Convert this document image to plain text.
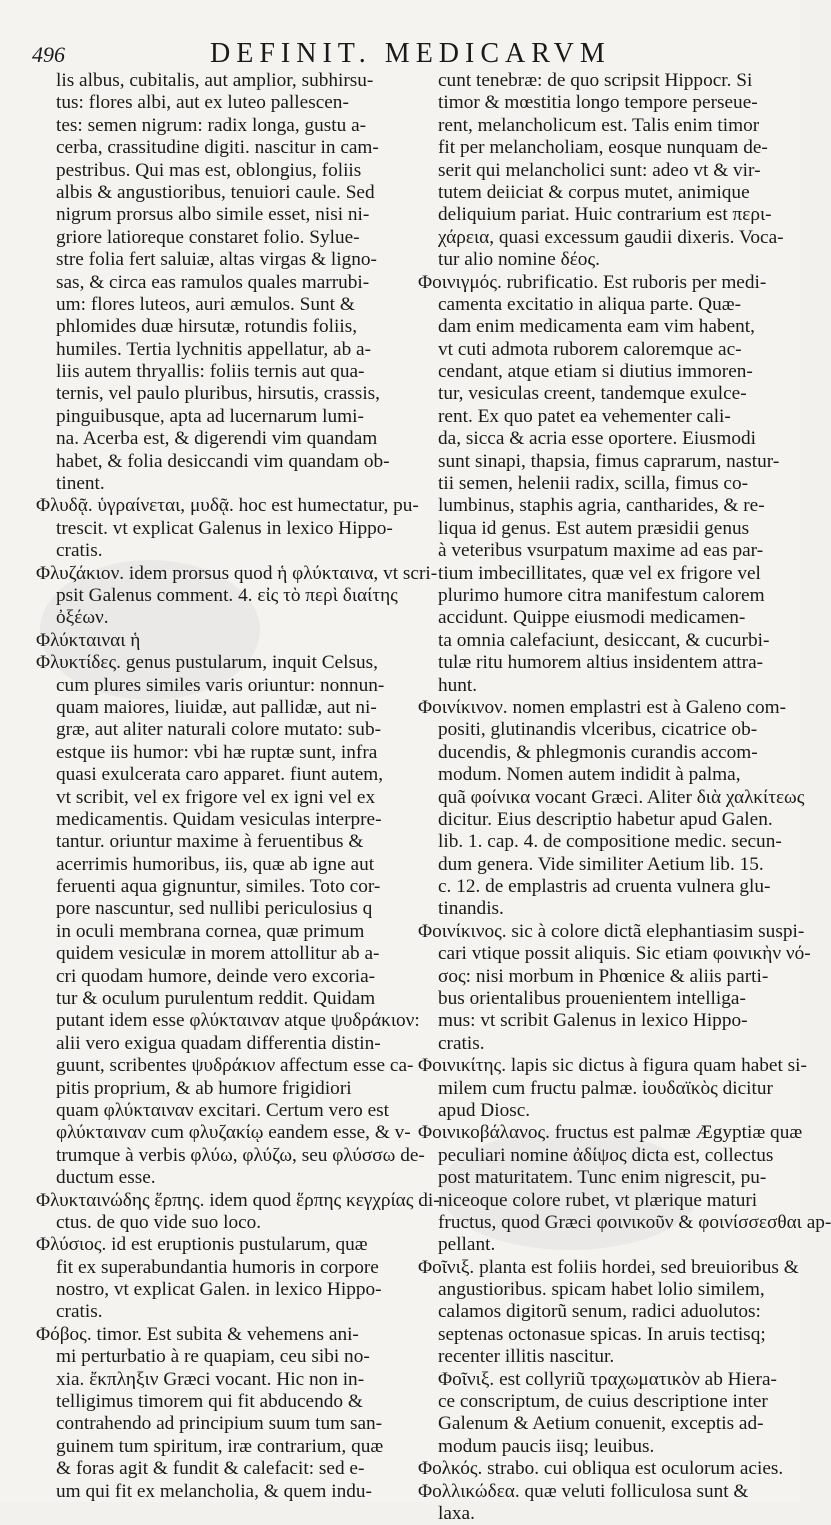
496	DEFINIT. MEDICARVM
lis albus, cubitalis, aut amplior, subhirsu-
tus: flores albi, aut ex luteo pallescen-
tes: semen nigrum: radix longa, gustu a-
cerba, crassitudine digiti. nascitur in cam-
pestribus. Qui mas est, oblongius, foliis
albis & angustioribus, tenuiori caule. Sed
nigrum prorsus albo simile esset, nisi ni-
griore latioreque constaret folio. Syluе-
stre folia fert saluiæ, altas virgas & ligno-
sas, & circa eas ramulos quales marrubi-
um: flores luteos, auri æmulos. Sunt &
phlomides duæ hirsutæ, rotundis foliis,
humiles. Tertia lychnitis appellatur, ab a-
liis autem thryallis: foliis ternis aut qua-
ternis, vel paulo pluribus, hirsutis, crassis,
pinguibusque, apta ad lucernarum lumi-
na. Acerba est, & digerendi vim quandam
habet, & folia desiccandi vim quandam ob-
tinent.
Φλυδᾷ. ὑγραίνεται, μυδᾷ. hoc est humectatur, pu-
trescit. vt explicat Galenus in lexico Hippo-
cratis.
Φλυζάκιον. idem prorsus quod ἡ φλύκταινα, vt scri-
psit Galenus comment. 4. εἰς τὸ περὶ διαίτης
ὀξέων.
Φλύκταιναι ἡ
Φλυκτίδες. genus pustularum, inquit Celsus,
cum plures similes varis oriuntur: nonnun-
quam maiores, liuidæ, aut pallidæ, aut ni-
græ, aut aliter naturali colore mutato: sub-
estque iis humor: vbi hæ ruptæ sunt, infra
quasi exulcerata caro apparet. fiunt autem,
vt scribit, vel ex frigore vel ex igni vel ex
medicamentis. Quidam vesiculas interpre-
tantur. oriuntur maxime à feruentibus &
acerrimis humoribus, iis, quæ ab igne aut
feruenti aqua gignuntur, similes. Toto cor-
pore nascuntur, sed nullibi periculosius q
in oculi membrana cornea, quæ primum
quidem vesiculæ in morem attollitur ab a-
cri quodam humore, deinde vero excoria-
tur & oculum purulentum reddit. Quidam
putant idem esse φλύκταιναν atque ψυδράκιον:
alii vero exigua quadam differentia distin-
guunt, scribentes ψυδράκιον affectum esse ca-
pitis proprium, & ab humore frigidiori
quam φλύκταιναν excitari. Certum vero est
φλύκταιναν cum φλυζακίῳ eandem esse, & v-
trumque à verbis φλύω, φλύζω, seu φλύσσω de-
ductum esse.
Φλυκταινώδης ἕρπης. idem quod ἕρπης κεγχρίας di-
ctus. de quo vide suo loco.
Φλύσιος. id est eruptionis pustularum, quæ
fit ex superabundantia humoris in corpore
nostro, vt explicat Galen. in lexico Hippo-
cratis.
Φόβος. timor. Est subita & vehemens ani-
mi perturbatio à re quapiam, ceu sibi no-
xia. ἔκπληξιν Græci vocant. Hic non in-
telligimus timorem qui fit abducendo &
contrahendo ad principium suum tum san-
guinem tum spiritum, iræ contrarium, quæ
& foras agit & fundit & calefacit: sed e-
um qui fit ex melancholia, & quem indu-
cunt tenebræ: de quo scripsit Hippocr. Si
timor & mœstitia longo tempore perseue-
rent, melancholicum est. Talis enim timor
fit per melancholiam, eosque nunquam de-
serit qui melancholici sunt: adeo vt & vir-
tutem deiiciat & corpus mutet, animique
deliquium pariat. Huic contrarium est περι-
χάρεια, quasi excessum gaudii dixeris. Voca-
tur alio nomine δέος.
Φοινιγμός. rubrificatio. Est ruboris per medi-
camenta excitatio in aliqua parte. Quæ-
dam enim medicamenta eam vim habent,
vt cuti admota ruborem caloremque ac-
cendant, atque etiam si diutius immoren-
tur, vesiculas creent, tandemque exulce-
rent. Ex quo patet ea vehementer cali-
da, sicca & acria esse oportere. Eiusmodi
sunt sinapi, thapsia, fimus caprarum, nastur-
tii semen, helenii radix, scilla, fimus co-
lumbinus, staphis agria, cantharides, & re-
liqua id genus. Est autem præsidii genus
à veteribus vsurpatum maxime ad eas par-
tium imbecillitates, quæ vel ex frigore vel
plurimo humore citra manifestum calorem
accidunt. Quippe eiusmodi medicamen-
ta omnia calefaciunt, desiccant, & cucurbi-
tulæ ritu humorem altius insidentem attra-
hunt.
Φοινίκινον. nomen emplastri est à Galeno com-
positi, glutinandis vlceribus, cicatrice ob-
ducendis, & phlegmonis curandis accom-
modum. Nomen autem indidit à palma,
quã φοίνικα vocant Græci. Aliter διὰ χαλκίτεως
dicitur. Eius descriptio habetur apud Galen.
lib. 1. cap. 4. de compositione medic. secun-
dum genera. Vide similiter Aetium lib. 15.
c. 12. de emplastris ad cruenta vulnera glu-
tinandis.
Φοινίκινος. sic à colore dictã elephantiasim suspi-
cari vtique possit aliquis. Sic etiam φοινικὴν νό-
σος: nisi morbum in Phœnice & aliis parti-
bus orientalibus prouenientem intelliga-
mus: vt scribit Galenus in lexico Hippo-
cratis.
Φοινικίτης. lapis sic dictus à figura quam habet si-
milem cum fructu palmæ. ἰουδαϊκὸς dicitur
apud Diosc.
Φοινικοβάλανος. fructus est palmæ Ægyptiæ quæ
peculiari nomine ἀδίψος dicta est, collectus
post maturitatem. Tunc enim nigrescit, pu-
niceoque colore rubet, vt plærique maturi
fructus, quod Græci φοινικοῦν & φοινίσσεσθαι ap-
pellant.
Φοῖνιξ. planta est foliis hordei, sed breuioribus &
angustioribus. spicam habet lolio similem,
calamos digitorũ senum, radici aduolutos:
septenas octonasue spicas. In aruis tectisq;
recenter illitis nascitur.
Φοῖνιξ. est collyriũ τραχωματικὸν ab Hiera-
ce conscriptum, de cuius descriptione inter
Galenum & Aetium conuenit, exceptis ad-
modum paucis iisq; leuibus.
Φολκός. strabo. cui obliqua est oculorum acies.
Φολλικώδεα. quæ veluti folliculosa sunt &
laxa.
